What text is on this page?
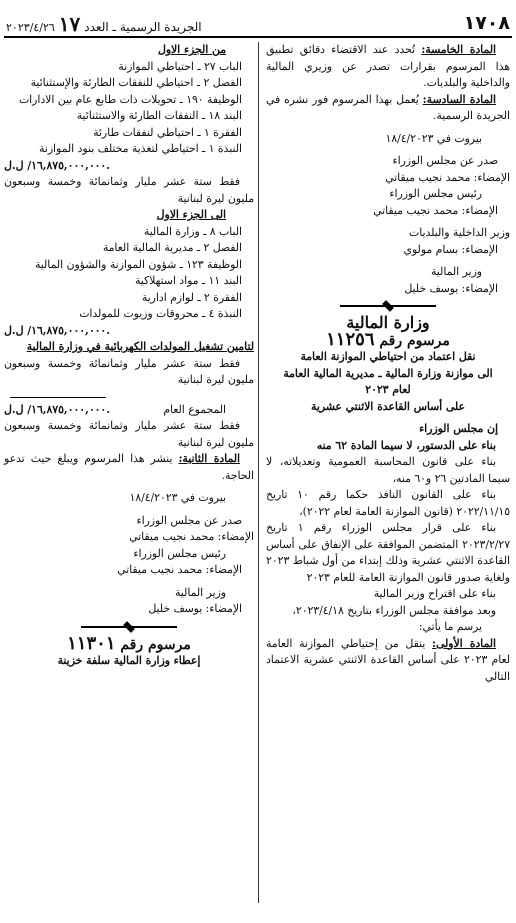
١٧٠٨
الجريدة الرسمية ـ العدد
١٧
٢٠٢٣/٤/٢٦

المادة الخامسة: تُحدد عند الاقتضاء دقائق تطبيق هذا المرسوم بقرارات تصدر عن وزيري المالية والداخلية والبلديات.

المادة السادسة: يُعمل بهذا المرسوم فور نشره في الجريدة الرسمية.

بيروت في ١٨/٤/٢٠٢٣

صدر عن مجلس الوزراء

الإمضاء: محمد نجيب ميقاتي

رئيس مجلس الوزراء

الإمضاء: محمد نجيب ميقاتي

وزير الداخلية والبلديات

الإمضاء: بسام مولوي

وزير المالية

الإمضاء: يوسف خليل

وزارة المالية

مرسوم رقم ١١٢٥٦

نقل اعتماد من احتياطي الموازنة العامة

الى موازنة وزارة المالية ـ مديرية المالية العامة

لعام ٢٠٢٣

على أساس القاعدة الاثنتي عشرية

إن مجلس الوزراء

بناء على الدستور، لا سيما المادة ٦٢ منه

بناء على قانون المحاسبة العمومية وتعديلاته، لا سيما المادتين ٢٦ و٦٠ منه،

بناء على القانون النافذ حكما رقم ١٠ تاريخ ٢٠٢٢/١١/١٥ (قانون الموازنة العامة لعام ٢٠٢٢)،

بناء على قرار مجلس الوزراء رقم ١ تاريخ ٢٠٢٣/٢/٢٧ المتضمن الموافقة على الإنفاق على أساس القاعدة الاثنتي عشرية وذلك إبتداء من أول شباط ٢٠٢٣ ولغاية صدور قانون الموازنة العامة للعام ٢٠٢٣

بناء على اقتراح وزير المالية

وبعد موافقة مجلس الوزراء بتاريخ ٢٠٢٣/٤/١٨،

يرسم ما يأتي:

المادة الأولى: ينقل من إحتياطي الموازنة العامة لعام ٢٠٢٣ على أساس القاعدة الاثنتي عشرية الاعتماد التالي

من الجزء الاول

الباب ٢٧ ـ احتياطي الموازنة

الفصل ٢ ـ احتياطي للنفقات الطارئة والإستثنائية

الوظيفة ١٩٠ ـ تحويلات ذات طابع عام بين الادارات

البند ١٨ ـ النفقات الطارئة والاستثنائية

الفقرة ١ ـ احتياطي لنفقات طارئة

النبذة ١ ـ احتياطي لتغذية مختلف بنود الموازنة

١٦,٨٧٥,٠٠٠,٠٠٠/ ل.ل.

فقط ستة عشر مليار وثمانمائة وخمسة وسبعون مليون ليرة لبنانية

الى الجزء الاول

الباب ٨ ـ وزارة المالية

الفصل ٢ ـ مديرية المالية العامة

الوظيفة ١٢٣ ـ شؤون الموازنة والشؤون المالية

البند ١١ ـ مواد استهلاكية

الفقرة ٢ ـ لوازم ادارية

النبذة ٤ ـ محروقات وزيوت للمولدات

١٦,٨٧٥,٠٠٠,٠٠٠/ ل.ل.

لتامين تشغيل المولدات الكهربائية في وزارة المالية

فقط ستة عشر مليار وثمانمائة وخمسة وسبعون مليون ليرة لبنانية

المجموع العام
١٦,٨٧٥,٠٠٠,٠٠٠/ ل.ل.

فقط ستة عشر مليار وثمانمائة وخمسة وسبعون مليون ليرة لبنانية

المادة الثانية: ينشر هذا المرسوم ويبلغ حيث تدعو الحاجة.

بيروت في ١٨/٤/٢٠٢٣

صدر عن مجلس الوزراء

الإمضاء: محمد نجيب ميقاتي

رئيس مجلس الوزراء

الإمضاء: محمد نجيب ميقاتي

وزير المالية

الإمضاء: يوسف خليل

مرسوم رقم ١١٣٠١

إعطاء وزارة المالية سلفة خزينة
